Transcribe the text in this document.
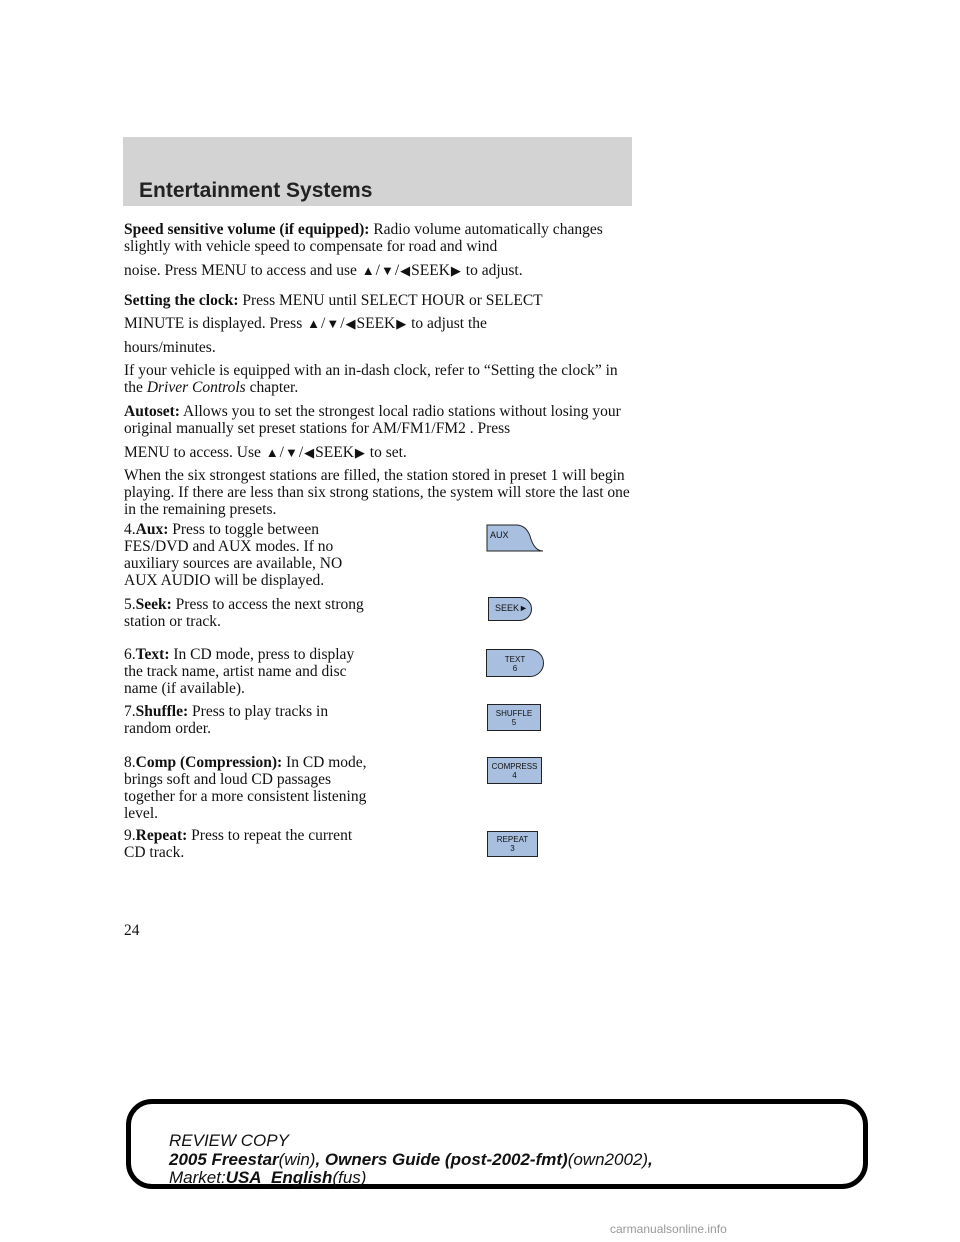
Entertainment Systems

Speed sensitive volume (if equipped): Radio volume automatically changes slightly with vehicle speed to compensate for road and wind

noise. Press MENU to access and use ▲/▼/◀SEEK▶ to adjust.

Setting the clock: Press MENU until SELECT HOUR or SELECT

MINUTE is displayed. Press ▲/▼/◀SEEK▶ to adjust the

hours/minutes.

If your vehicle is equipped with an in-dash clock, refer to “Setting the clock” in the Driver Controls chapter.

Autoset: Allows you to set the strongest local radio stations without losing your original manually set preset stations for AM/FM1/FM2 . Press

MENU to access. Use ▲/▼/◀SEEK▶ to set.

When the six strongest stations are filled, the station stored in preset 1 will begin playing. If there are less than six strong stations, the system will store the last one in the remaining presets.

4.Aux: Press to toggle between FES/DVD and AUX modes. If no auxiliary sources are available, NO AUX AUDIO will be displayed.

5.Seek: Press to access the next strong station or track.

6.Text: In CD mode, press to display the track name, artist name and disc name (if available).

7.Shuffle: Press to play tracks in random order.

8.Comp (Compression): In CD mode, brings soft and loud CD passages together for a more consistent listening level.

9.Repeat: Press to repeat the current CD track.

AUX
SEEK►
TEXT
6
SHUFFLE
5
COMPRESS
4
REPEAT
3
24
REVIEW COPY
2005 Freestar(win), Owners Guide (post-2002-fmt)(own2002),
Market:USA_English(fus)
carmanualsonline.info
